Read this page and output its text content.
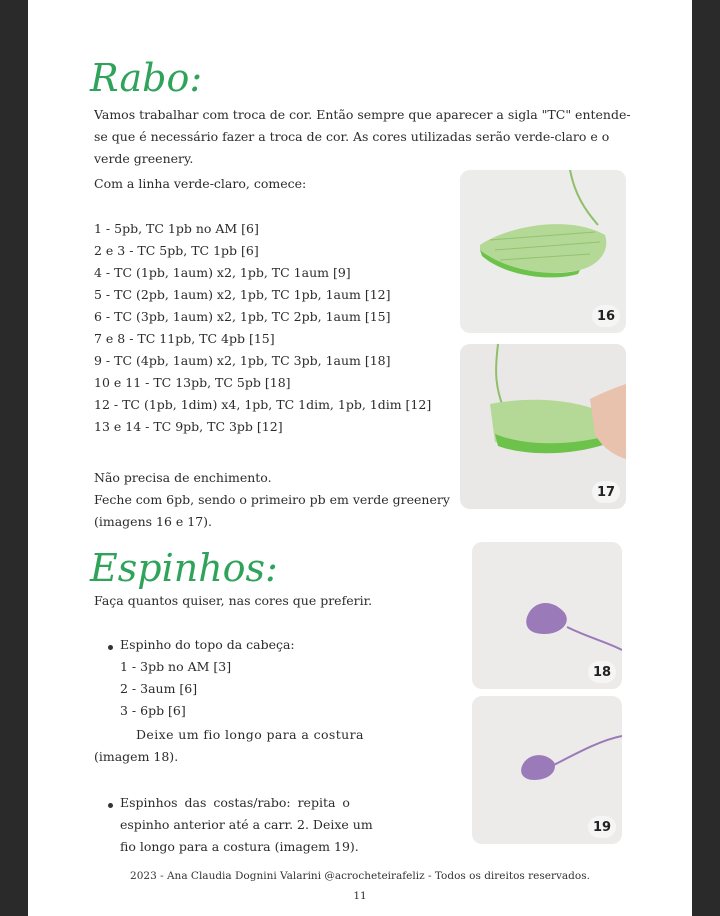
Rabo:
Vamos trabalhar com troca de cor. Então sempre que aparecer a sigla "TC" entende-
se que é necessário fazer a troca de cor. As cores utilizadas serão verde-claro e o
verde greenery.
Com a linha verde-claro, comece:
1 - 5pb, TC 1pb no AM [6]
2 e 3 - TC 5pb, TC 1pb [6]
4 - TC (1pb, 1aum) x2, 1pb, TC 1aum [9]
5 - TC (2pb, 1aum) x2, 1pb, TC 1pb, 1aum [12]
6 - TC (3pb, 1aum) x2, 1pb, TC 2pb, 1aum [15]
7 e 8 - TC 11pb, TC 4pb [15]
9 - TC (4pb, 1aum) x2, 1pb, TC 3pb, 1aum [18]
10 e 11 - TC 13pb, TC 5pb [18]
12 - TC (1pb, 1dim) x4, 1pb, TC 1dim, 1pb, 1dim [12]
13 e 14 - TC 9pb, TC 3pb [12]
Não precisa de enchimento.
Feche com 6pb, sendo o primeiro pb em verde greenery
(imagens 16 e 17).
16
17
Espinhos:
Faça quantos quiser, nas cores que preferir.
Espinho do topo da cabeça:
1 - 3pb no AM [3]
2 - 3aum [6]
3 - 6pb [6]
Deixe um fio longo para a costura
(imagem 18).
Espinhos das costas/rabo: repita o
espinho anterior até a carr. 2. Deixe um
fio longo para a costura (imagem 19).
18
19
2023 - Ana Claudia Dognini Valarini @acrocheteirafeliz - Todos os direitos reservados.
11
